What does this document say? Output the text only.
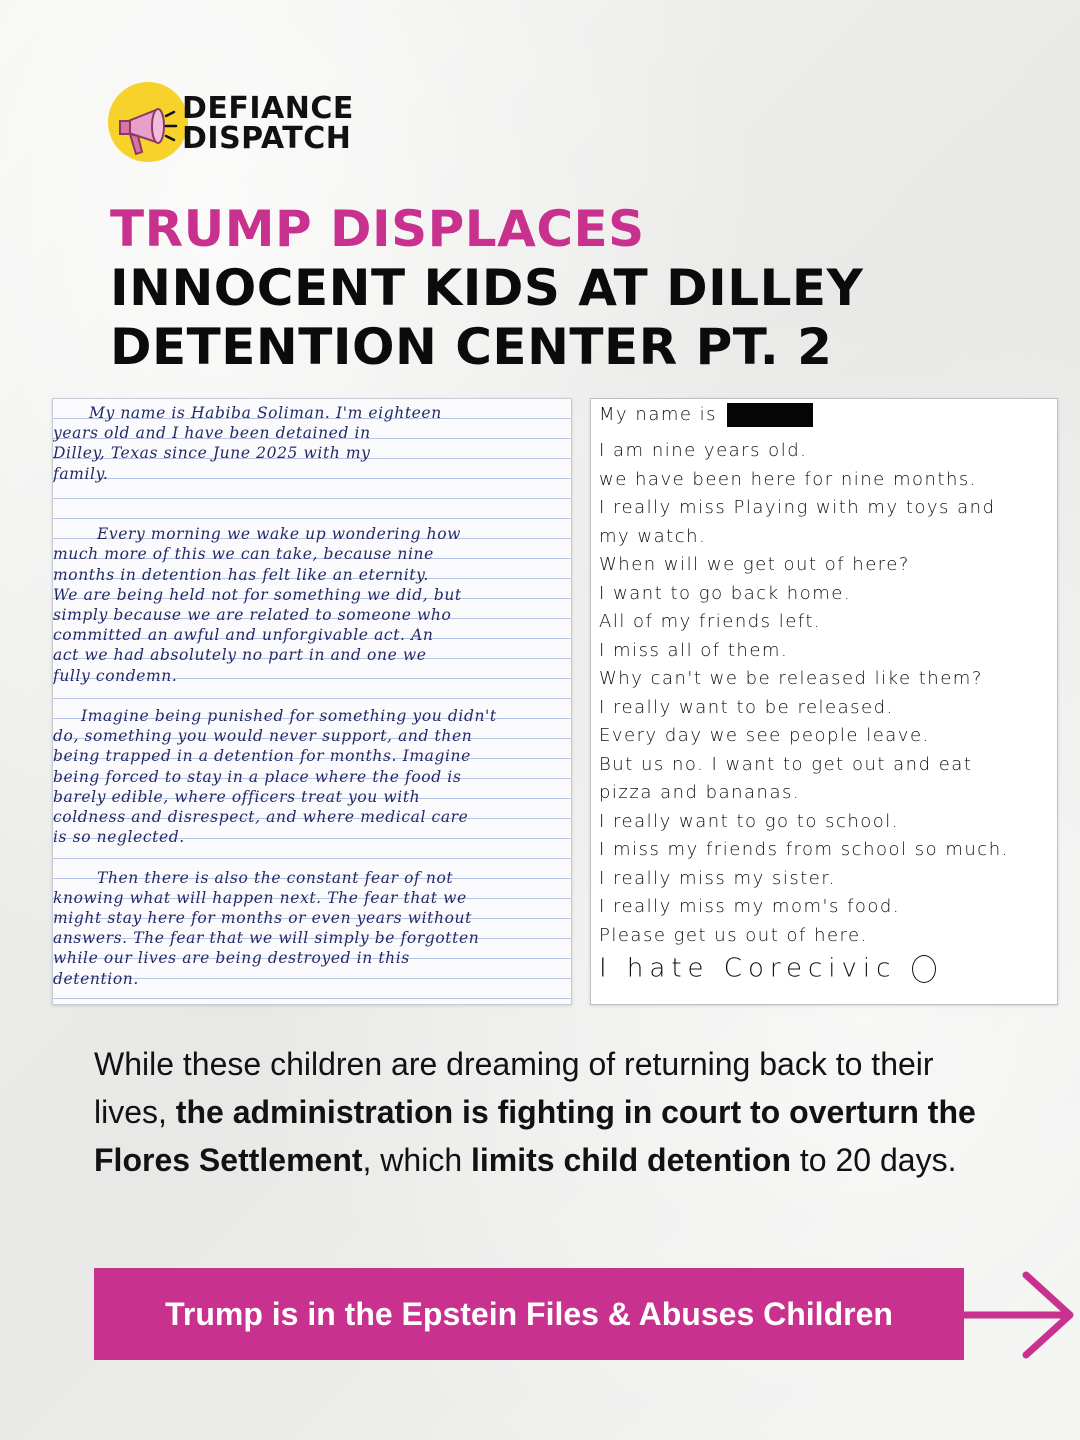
DEFIANCE
DISPATCH
TRUMP DISPLACES
INNOCENT KIDS AT DILLEY
DETENTION CENTER PT. 2
My name is Habiba Soliman. I'm eighteen
years old and I have been detained in
Dilley, Texas since June 2025 with my
family.
Every morning we wake up wondering how
much more of this we can take, because nine
months in detention has felt like an eternity.
We are being held not for something we did, but
simply because we are related to someone who
committed an awful and unforgivable act. An
act we had absolutely no part in and one we
fully condemn.
Imagine being punished for something you didn't
do, something you would never support, and then
being trapped in a detention for months. Imagine
being forced to stay in a place where the food is
barely edible, where officers treat you with
coldness and disrespect, and where medical care
is so neglected.
Then there is also the constant fear of not
knowing what will happen next. The fear that we
might stay here for months or even years without
answers. The fear that we will simply be forgotten
while our lives are being destroyed in this
detention.
My name is
I hate Corecivic
I am nine years old.
we have been here for nine months.
I really miss Playing with my toys and
my watch.
When will we get out of here?
I want to go back home.
All of my friends left.
I miss all of them.
Why can't we be released like them?
I really want to be released.
Every day we see people leave.
But us no. I want to get out and eat
pizza and bananas.
I really want to go to school.
I miss my friends from school so much.
I really miss my sister.
I really miss my mom's food.
Please get us out of here.
While these children are dreaming of returning back to their lives, the administration is fighting in court to overturn the Flores Settlement, which limits child detention to 20 days.
Trump is in the Epstein Files & Abuses Children
